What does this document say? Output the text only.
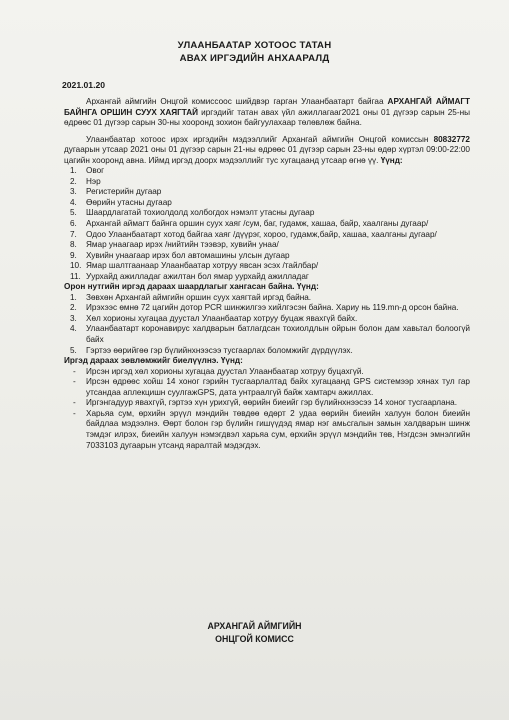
УЛААНБААТАР ХОТООС ТАТАН
АВАХ ИРГЭДИЙН АНХААРАЛД
2021.01.20

Архангай аймгийн Онцгой комиссоос шийдвэр гарган Улаанбаатарт байгаа АРХАНГАЙ АЙМАГТ БАЙНГА ОРШИН СУУХ ХАЯГТАЙ иргэдийг татан авах үйл ажиллагааг2021 оны 01 дүгээр сарын 25-ны өдрөөс 01 дүгээр сарын 30-ны хооронд зохион байгуулахаар төлөвлөж байна.

Улаанбаатар хотоос ирэх иргэдийн мэдээллийг Архангай аймгийн Онцгой комиссын 80832772 дугаарын утсаар 2021 оны 01 дүгээр сарын 21-ны өдрөөс 01 дүгээр сарын 23-ны өдөр хүртэл 09:00-22:00 цагийн хооронд авна. Иймд иргэд доорх мэдээллийг тус хугацаанд утсаар өгнө үү. Үүнд:

1. Овог
2. Нэр
3. Регистерийн дугаар
4. Өөрийн утасны дугаар
5. Шаардлагатай тохиолдолд холбогдох нэмэлт утасны дугаар
6. Архангай аймагт байнга оршин суух хаяг /сум, баг, гудамж, хашаа, байр, хаалганы дугаар/
7. Одоо Улаанбаатарт хотод байгаа хаяг /дүүрэг, хороо, гудамж,байр, хашаа, хаалганы дугаар/
8. Ямар унаагаар ирэх /нийтийн тээвэр, хувийн унаа/
9. Хувийн унаагаар ирэх бол автомашины улсын дугаар
10. Ямар шалтгаанаар Улаанбаатар хотруу явсан эсэх /тайлбар/
11. Уурхайд ажилладаг ажилтан бол ямар уурхайд ажилладаг

Орон нутгийн иргэд дараах шаардлагыг хангасан байна. Үүнд:

1. Зөвхөн Архангай аймгийн оршин суух хаягтай иргэд байна.
2. Ирэхээс өмнө 72 цагийн дотор PCR шинжилгээ хийлгэсэн байна. Хариу нь 119.mn-д орсон байна.
3. Хөл хорионы хугацаа дуустал Улаанбаатар хотруу буцаж явахгүй байх.
4. Улаанбаатарт коронавирус халдварын батлагдсан тохиолдлын ойрын болон дам хавьтал болоогүй байх
5. Гэртээ өөрийгөө гэр бүлийнхнээсээ тусгаарлах боломжийг дүрдүүлэх.

Иргэд дараах зөвлөмжийг биелүүлнэ. Үүнд:

- Ирсэн иргэд хөл хорионы хугацаа дуустал Улаанбаатар хотруу буцахгүй.
- Ирсэн өдрөөс хойш 14 хоног гэрийн тусгаарлалтад байх хугацаанд GPS системээр хянах тул гар утсандаа аплекцишн суулгажGPS, дата унтраалгүй байж хамтарч ажиллах.
- Иргэнгадуур явахгүй, гэртээ хүн урихгүй, өөрийн биеийг гэр бүлийнхнээсээ 14 хоног тусгаарлана.
- Харьяа сум, өрхийн эрүүл мэндийн төвдөө өдөрт 2 удаа өөрийн биеийн халуун болон биеийн байдлаа мэдээлнэ. Өөрт болон гэр бүлийн гишүүдэд ямар нэг амьсгалын замын халдварын шинж тэмдэг илрэх, биеийн халуун нэмэгдвэл харьяа сум, өрхийн эрүүл мэндийн төв, Нэгдсэн эмнэлгийн 7033103 дугаарын утсанд яаралтай мэдэгдэх.
АРХАНГАЙ АЙМГИЙН
ОНЦГОЙ КОМИСС
